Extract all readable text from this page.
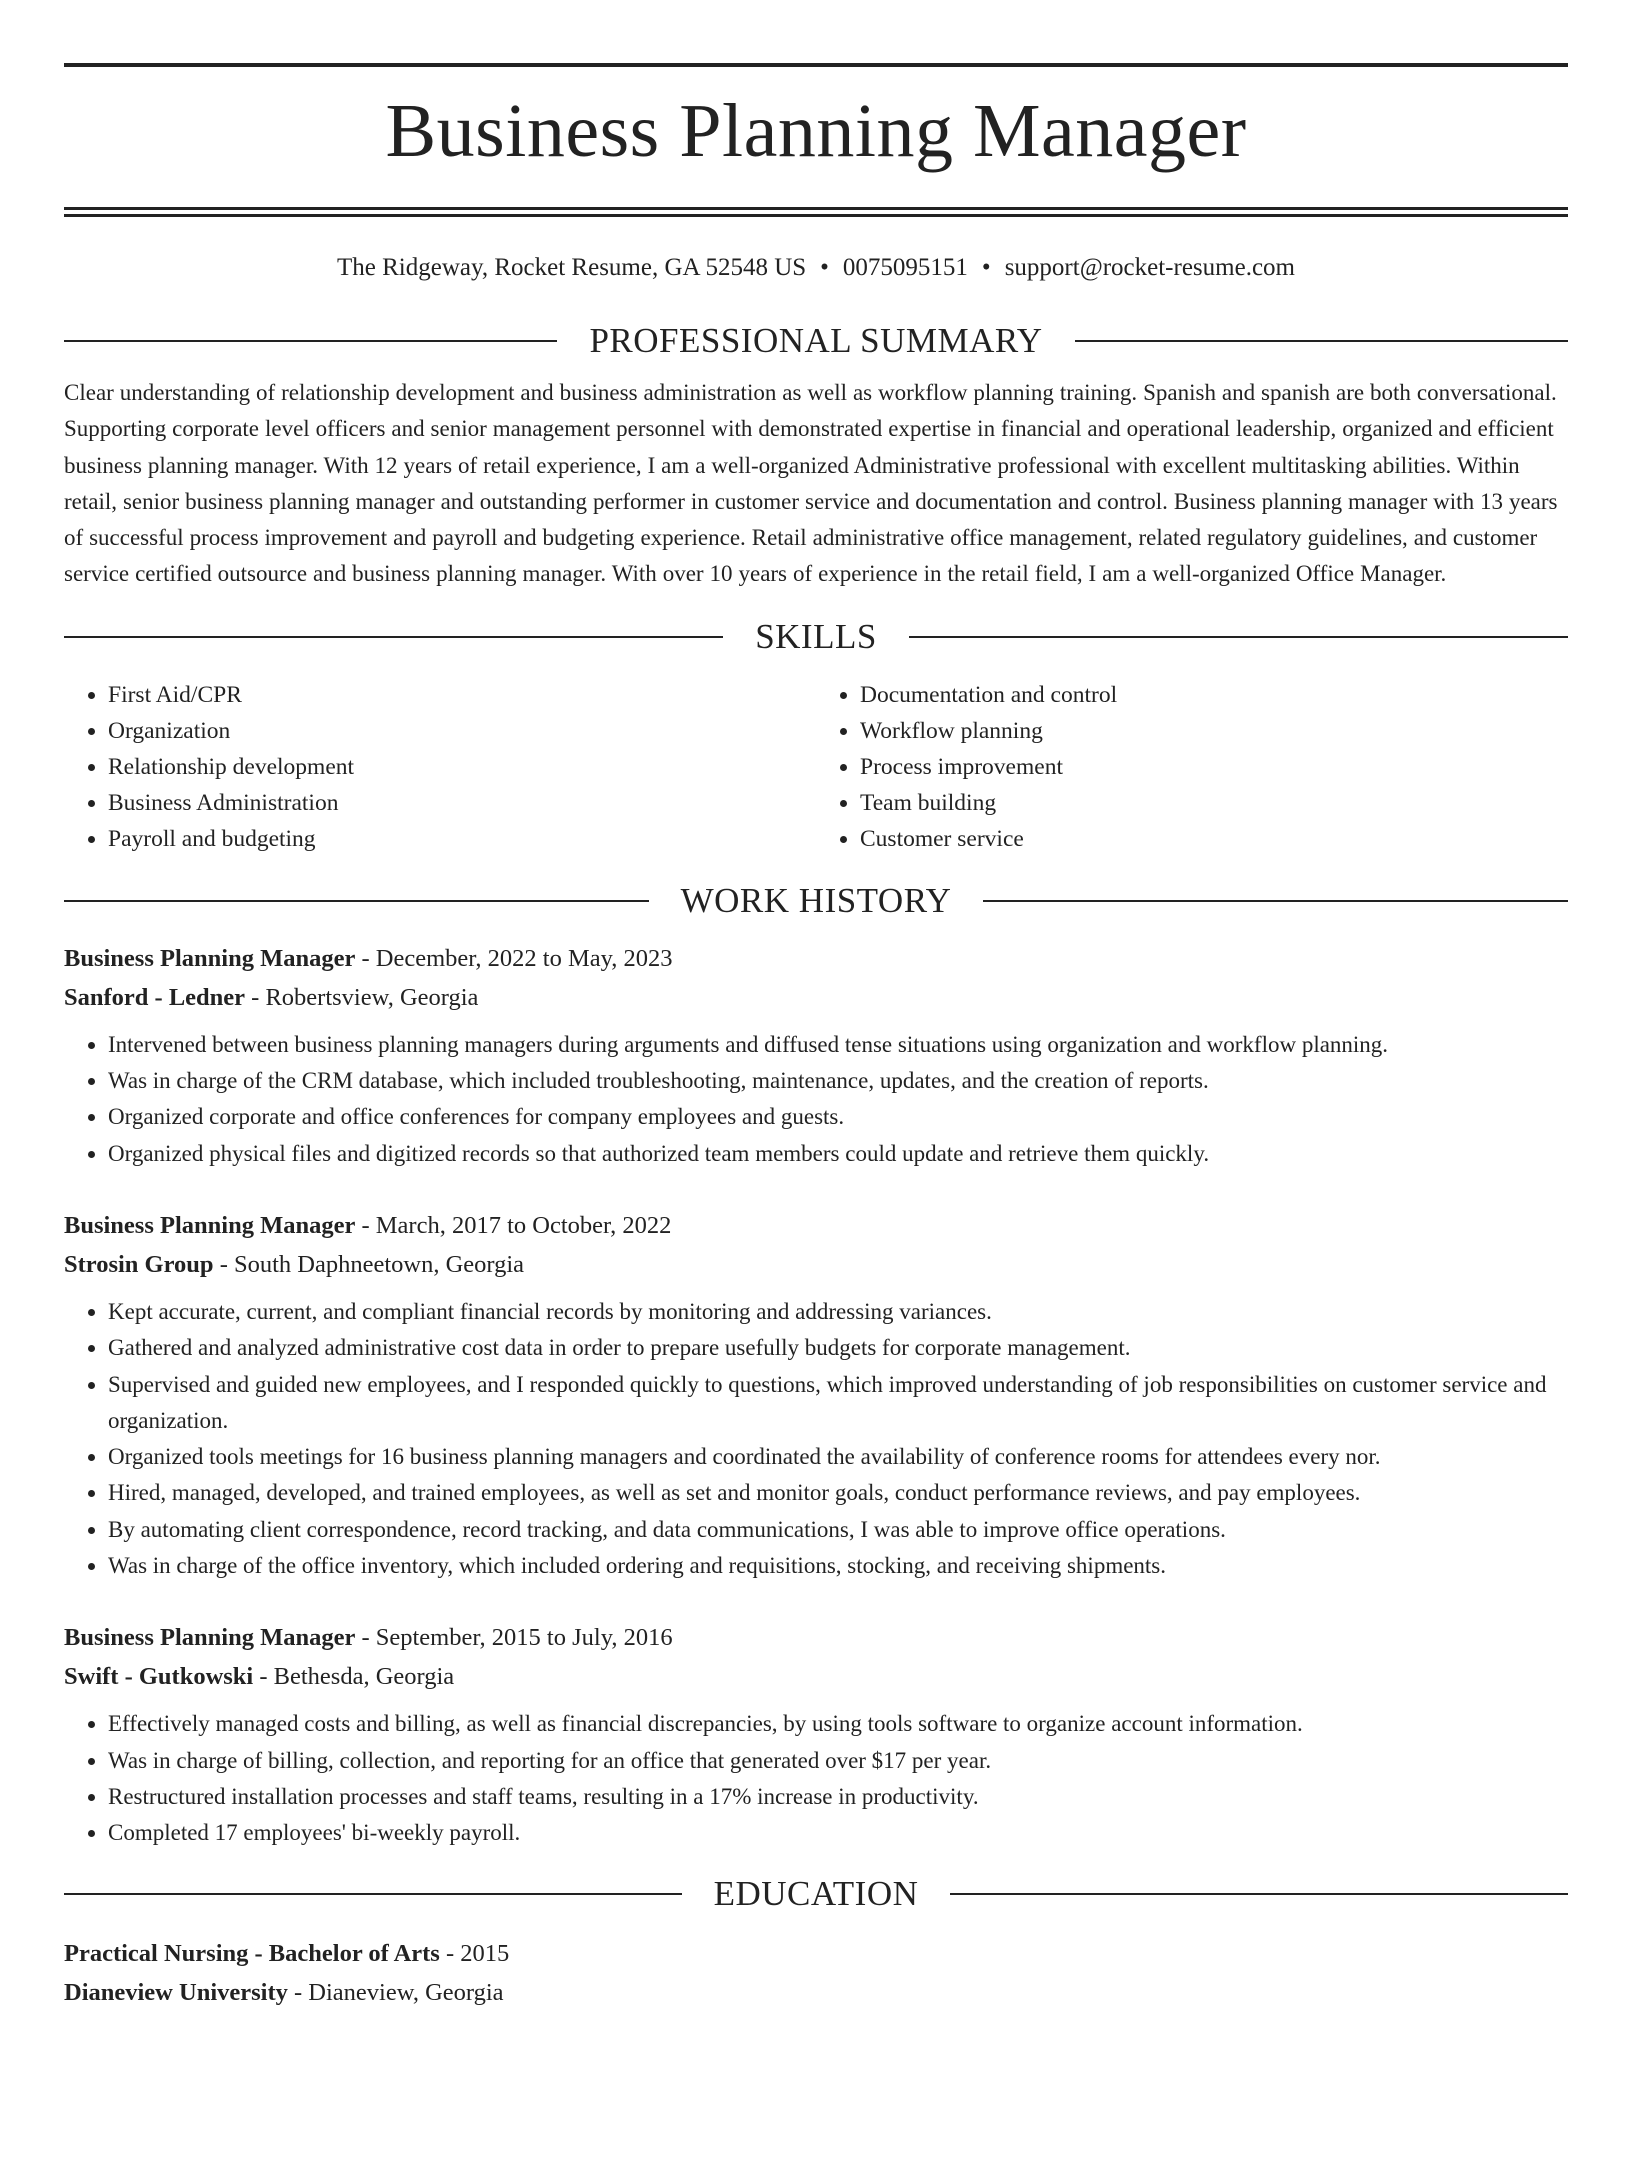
Business Planning Manager
The Ridgeway, Rocket Resume, GA 52548 US • 0075095151 • support@rocket-resume.com
PROFESSIONAL SUMMARY
Clear understanding of relationship development and business administration as well as workflow planning training. Spanish and spanish are both conversational. Supporting corporate level officers and senior management personnel with demonstrated expertise in financial and operational leadership, organized and efficient business planning manager. With 12 years of retail experience, I am a well-organized Administrative professional with excellent multitasking abilities. Within retail, senior business planning manager and outstanding performer in customer service and documentation and control. Business planning manager with 13 years of successful process improvement and payroll and budgeting experience. Retail administrative office management, related regulatory guidelines, and customer service certified outsource and business planning manager. With over 10 years of experience in the retail field, I am a well-organized Office Manager.
SKILLS
• First Aid/CPR
• Organization
• Relationship development
• Business Administration
• Payroll and budgeting
• Documentation and control
• Workflow planning
• Process improvement
• Team building
• Customer service
WORK HISTORY
Business Planning Manager - December, 2022 to May, 2023
Sanford - Ledner - Robertsview, Georgia
• Intervened between business planning managers during arguments and diffused tense situations using organization and workflow planning.
• Was in charge of the CRM database, which included troubleshooting, maintenance, updates, and the creation of reports.
• Organized corporate and office conferences for company employees and guests.
• Organized physical files and digitized records so that authorized team members could update and retrieve them quickly.
Business Planning Manager - March, 2017 to October, 2022
Strosin Group - South Daphneetown, Georgia
• Kept accurate, current, and compliant financial records by monitoring and addressing variances.
• Gathered and analyzed administrative cost data in order to prepare usefully budgets for corporate management.
• Supervised and guided new employees, and I responded quickly to questions, which improved understanding of job responsibilities on customer service and organization.
• Organized tools meetings for 16 business planning managers and coordinated the availability of conference rooms for attendees every nor.
• Hired, managed, developed, and trained employees, as well as set and monitor goals, conduct performance reviews, and pay employees.
• By automating client correspondence, record tracking, and data communications, I was able to improve office operations.
• Was in charge of the office inventory, which included ordering and requisitions, stocking, and receiving shipments.
Business Planning Manager - September, 2015 to July, 2016
Swift - Gutkowski - Bethesda, Georgia
• Effectively managed costs and billing, as well as financial discrepancies, by using tools software to organize account information.
• Was in charge of billing, collection, and reporting for an office that generated over $17 per year.
• Restructured installation processes and staff teams, resulting in a 17% increase in productivity.
• Completed 17 employees' bi-weekly payroll.
EDUCATION
Practical Nursing - Bachelor of Arts - 2015
Dianeview University - Dianeview, Georgia
